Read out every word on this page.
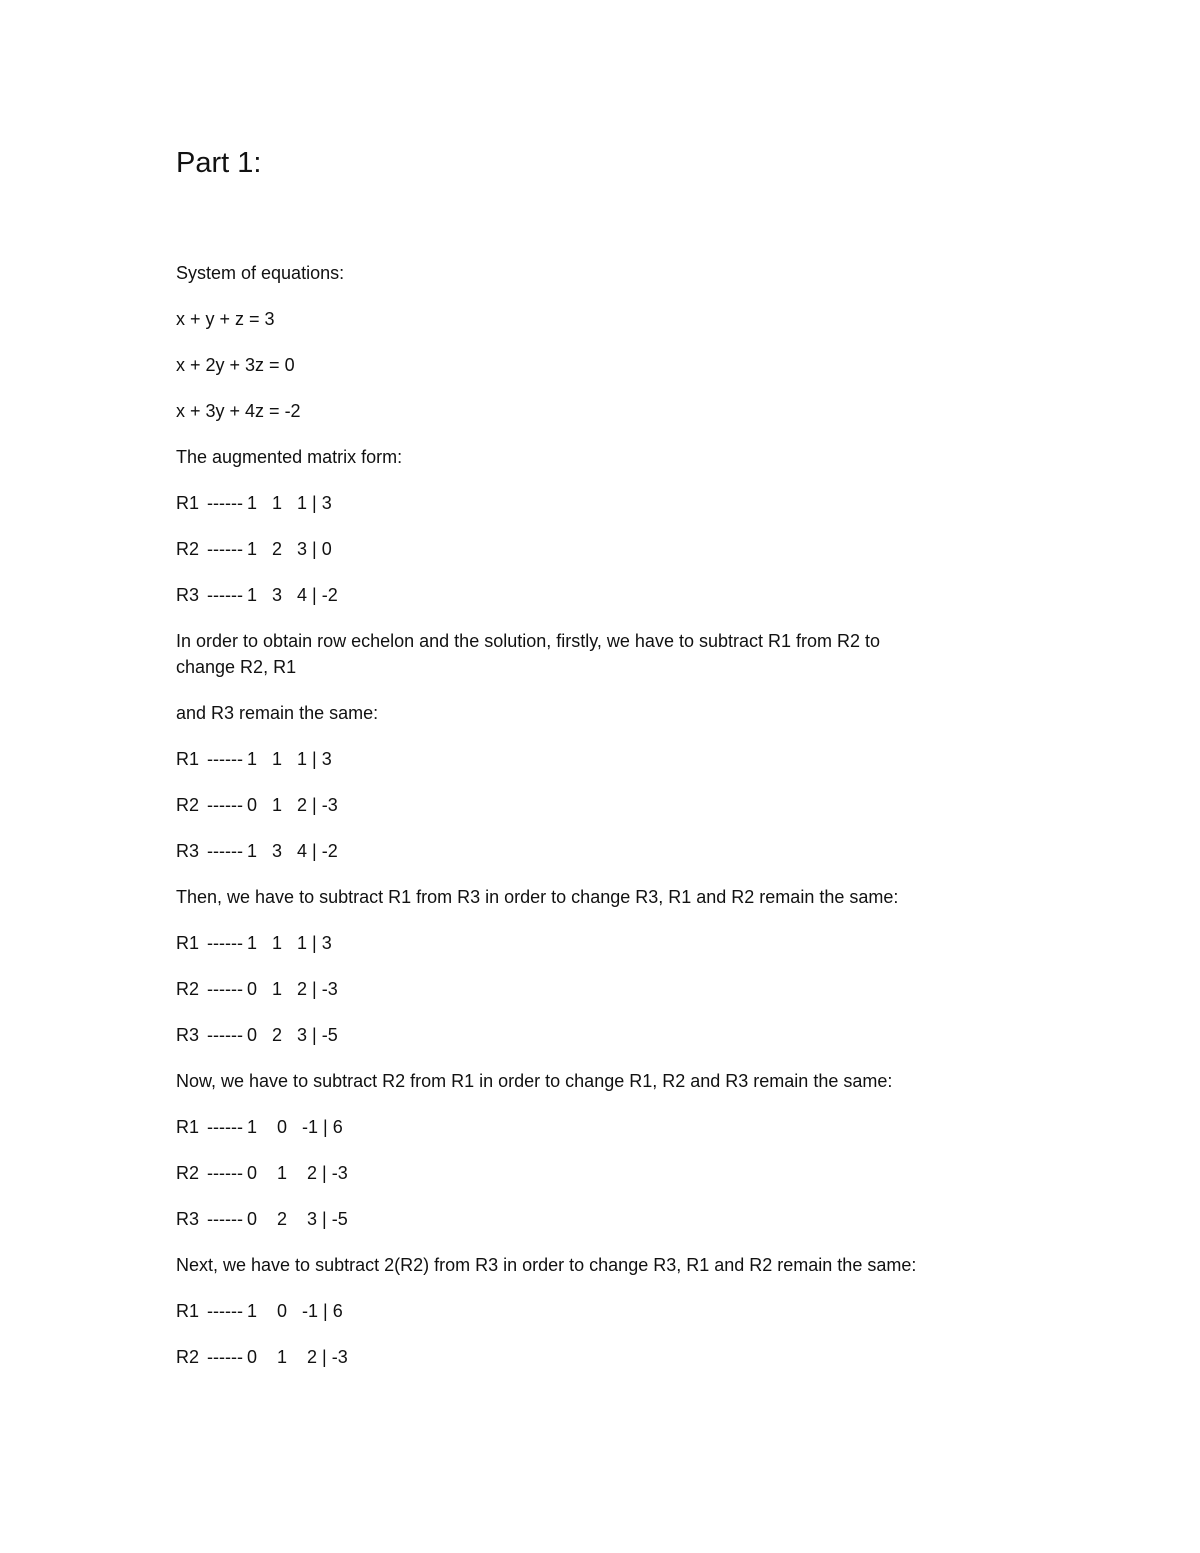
Part 1:
System of equations:
x + y + z = 3
x + 2y + 3z = 0
x + 3y + 4z = -2
The augmented matrix form:
R1 ------ 1   1   1 | 3
R2 ------ 1   2   3 | 0
R3 ------ 1   3   4 | -2
In order to obtain row echelon and the solution, firstly, we have to subtract R1 from R2 to
change R2, R1
and R3 remain the same:
R1 ------ 1   1   1 | 3
R2 ------ 0   1   2 | -3
R3 ------ 1   3   4 | -2
Then, we have to subtract R1 from R3 in order to change R3, R1 and R2 remain the same:
R1 ------ 1   1   1 | 3
R2 ------ 0   1   2 | -3
R3 ------ 0   2   3 | -5
Now, we have to subtract R2 from R1 in order to change R1, R2 and R3 remain the same:
R1 ------ 1    0   -1 | 6
R2 ------ 0    1    2 | -3
R3 ------ 0    2    3 | -5
Next, we have to subtract 2(R2) from R3 in order to change R3, R1 and R2 remain the same:
R1 ------ 1    0   -1 | 6
R2 ------ 0    1    2 | -3
